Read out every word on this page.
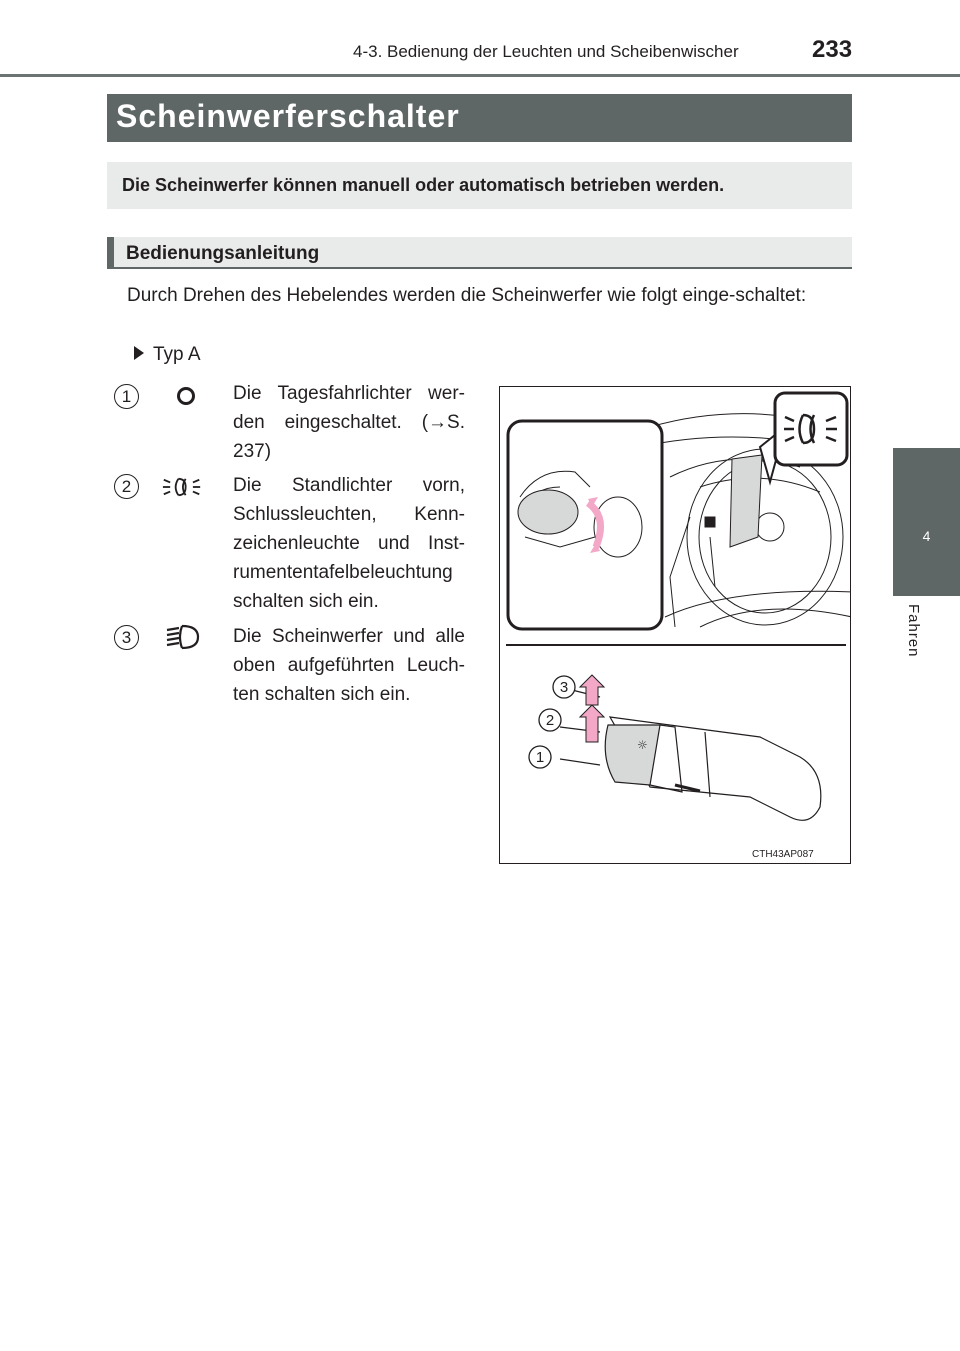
4-3. Bedienung der Leuchten und Scheibenwischer	233
4
Fahren
Scheinwerferschalter
Die Scheinwerfer können manuell oder automatisch betrieben werden.
Bedienungsanleitung
Durch Drehen des Hebelendes werden die Scheinwerfer wie folgt einge-schaltet:
Typ A
1	Die Tagesfahrlichter wer-den eingeschaltet. (→S. 237)
2	Die Standlichter vorn, Schlussleuchten, Kenn-zeichenleuchte und Inst-rumententafelbeleuchtung schalten sich ein.
3	Die Scheinwerfer und alle oben aufgeführten Leuch-ten schalten sich ein.
☼
3
2
1
CTH43AP087
